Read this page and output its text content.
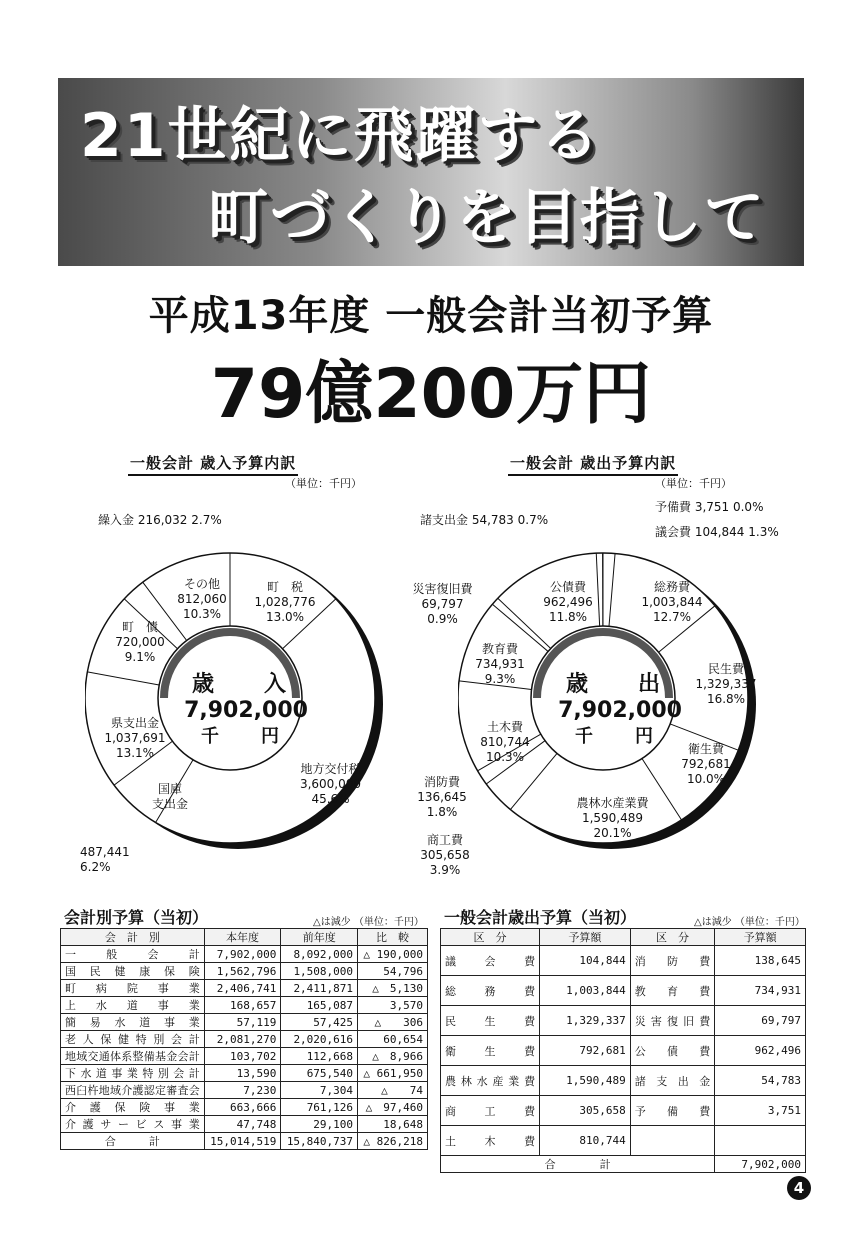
21世紀に飛躍する
町づくりを目指して
平成13年度 一般会計当初予算
79億200万円
一般会計 歳入予算内訳
（単位：千円）
歳　入
7,902,000
千　円
繰入金 216,032 2.7%
その他
812,060
10.3%
町　税
1,028,776
13.0%
町　債
720,000
9.1%
県支出金
1,037,691
13.1%
国庫
支出金
487,441
6.2%
地方交付税
3,600,000
45.6%
一般会計 歳出予算内訳
（単位：千円）
歳　出
7,902,000
千　円
予備費 3,751 0.0%
議会費 104,844 1.3%
諸支出金 54,783 0.7%
災害復旧費
69,797
0.9%
公債費
962,496
11.8%
総務費
1,003,844
12.7%
教育費
734,931
9.3%
民生費
1,329,337
16.8%
土木費
810,744
10.3%
衛生費
792,681
10.0%
消防費
136,645
1.8%
農林水産業費
1,590,489
20.1%
商工費
305,658
3.9%
会計別予算（当初）	△は減少 （単位：千円）
会　計　別	本年度	前年度	比　較
一　般　会　計	7,902,000	8,092,000	△ 190,000
国民健康保険	1,562,796	1,508,000	54,796
町病院事業	2,406,741	2,411,871	△　5,130
上水道事業	168,657	165,087	3,570
簡易水道事業	57,119	57,425	△　　306
老人保健特別会計	2,081,270	2,020,616	60,654
地域交通体系整備基金会計	103,702	112,668	△　8,966
下水道事業特別会計	13,590	675,540	△ 661,950
西臼杵地域介護認定審査会	7,230	7,304	△　　74
介護保険事業	663,666	761,126	△　97,460
介護サービス事業	47,748	29,100	18,648
合　　　計	15,014,519	15,840,737	△ 826,218
一般会計歳出予算（当初）	△は減少 （単位：千円）
区　分	予算額	区　分	予算額
議会費	104,844	消防費	138,645
総務費	1,003,844	教育費	734,931
民生費	1,329,337	災害復旧費	69,797
衛生費	792,681	公債費	962,496
農林水産業費	1,590,489	諸支出金	54,783
商工費	305,658	予備費	3,751
土木費	810,744		
合　　　　計			7,902,000
4
